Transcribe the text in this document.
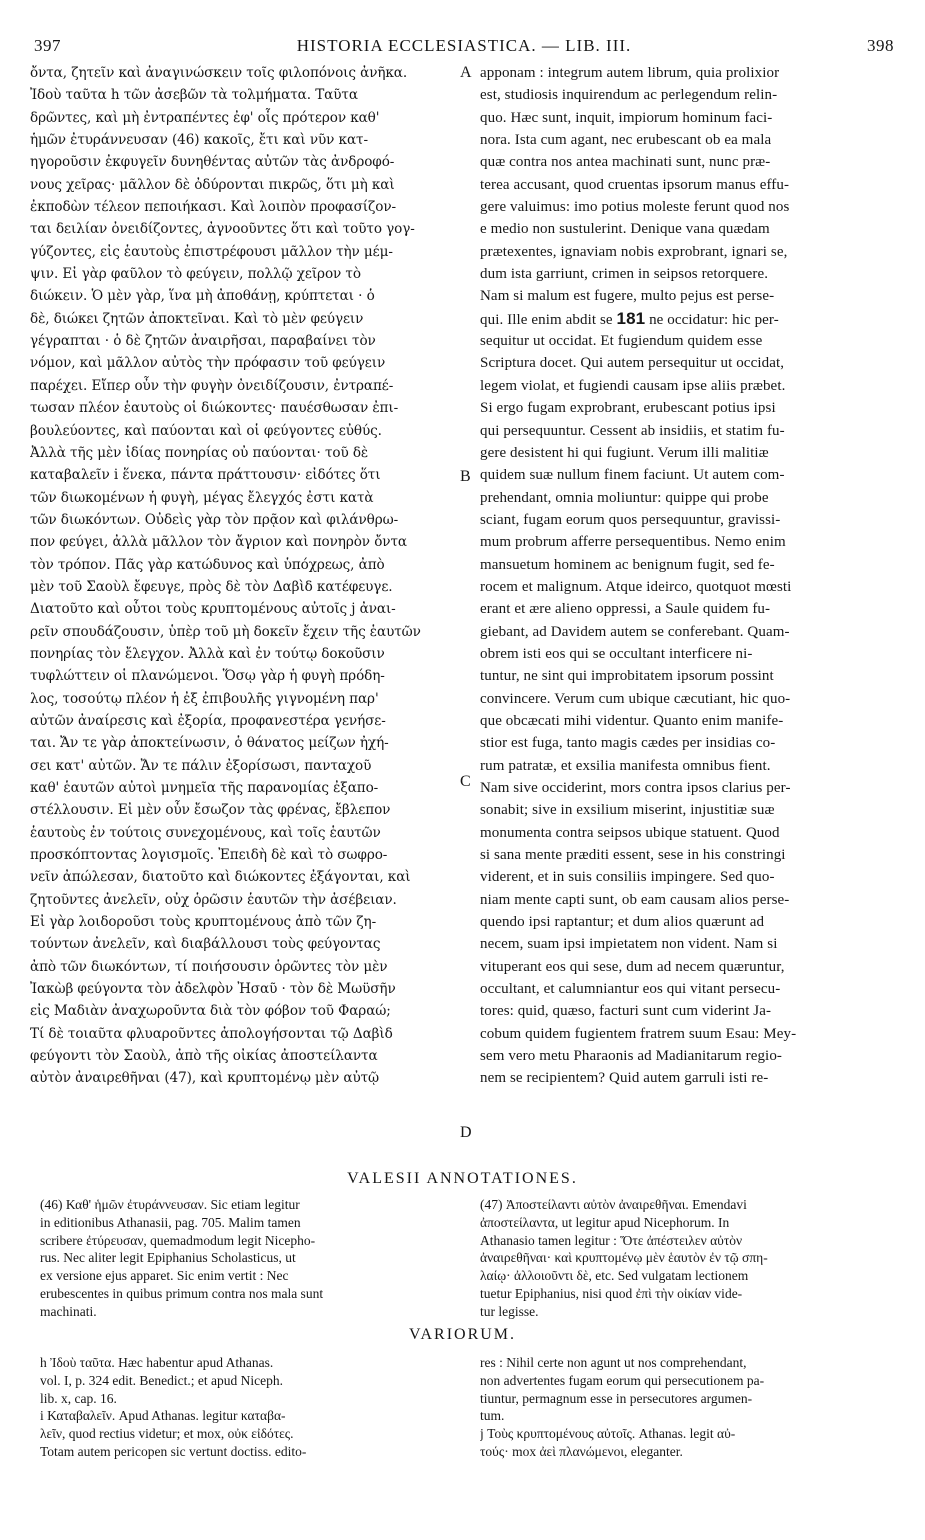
397	HISTORIA ECCLESIASTICA. — LIB. III.	398
A
B
C
D
ὄντα, ζητεῖν καὶ ἀναγινώσκειν τοῖς φιλοπόνοις ἀνῆκα.
Ἰδοὺ ταῦτα h τῶν ἀσεβῶν τὰ τολμήματα. Ταῦτα
δρῶντες, καὶ μὴ ἐντραπέντες ἐφ' οἷς πρότερον καθ'
ἡμῶν ἐτυράννευσαν (46) κακοῖς, ἔτι καὶ νῦν κατ-
ηγοροῦσιν ἐκφυγεῖν δυνηθέντας αὐτῶν τὰς ἀνδροφό-
νους χεῖρας· μᾶλλον δὲ ὀδύρονται πικρῶς, ὅτι μὴ καὶ
ἐκποδὼν τέλεον πεποιήκασι. Καὶ λοιπὸν προφασίζον-
ται δειλίαν ὀνειδίζοντες, ἀγνοοῦντες ὅτι καὶ τοῦτο γογ-
γύζοντες, εἰς ἑαυτοὺς ἐπιστρέφουσι μᾶλλον τὴν μέμ-
ψιν. Εἰ γὰρ φαῦλον τὸ φεύγειν, πολλῷ χεῖρον τὸ
διώκειν. Ὁ μὲν γὰρ, ἵνα μὴ ἀποθάνῃ, κρύπτεται · ὁ
δὲ, διώκει ζητῶν ἀποκτεῖναι. Καὶ τὸ μὲν φεύγειν
γέγραπται · ὁ δὲ ζητῶν ἀναιρῆσαι, παραβαίνει τὸν
νόμον, καὶ μᾶλλον αὐτὸς τὴν πρόφασιν τοῦ φεύγειν
παρέχει. Εἴπερ οὖν τὴν φυγὴν ὀνειδίζουσιν, ἐντραπέ-
τωσαν πλέον ἑαυτοὺς οἱ διώκοντες· παυέσθωσαν ἐπι-
βουλεύοντες, καὶ παύονται καὶ οἱ φεύγοντες εὐθύς.
Ἀλλὰ τῆς μὲν ἰδίας πονηρίας οὐ παύονται· τοῦ δὲ
καταβαλεῖν i ἕνεκα, πάντα πράττουσιν· εἰδότες ὅτι
τῶν διωκομένων ἡ φυγὴ, μέγας ἔλεγχός ἐστι κατὰ
τῶν διωκόντων. Οὐδεὶς γὰρ τὸν πρᾷον καὶ φιλάνθρω-
πον φεύγει, ἀλλὰ μᾶλλον τὸν ἄγριον καὶ πονηρὸν ὄντα
τὸν τρόπον. Πᾶς γὰρ κατώδυνος καὶ ὑπόχρεως, ἀπὸ
μὲν τοῦ Σαοὺλ ἔφευγε, πρὸς δὲ τὸν Δαβὶδ κατέφευγε.
Διατοῦτο καὶ οὗτοι τοὺς κρυπτομένους αὐτοῖς j ἀναι-
ρεῖν σπουδάζουσιν, ὑπὲρ τοῦ μὴ δοκεῖν ἔχειν τῆς ἑαυτῶν
πονηρίας τὸν ἔλεγχον. Ἀλλὰ καὶ ἐν τούτῳ δοκοῦσιν
τυφλώττειν οἱ πλανώμενοι. Ὅσῳ γὰρ ἡ φυγὴ πρόδη-
λος, τοσούτῳ πλέον ἡ ἐξ ἐπιβουλῆς γιγνομένη παρ'
αὐτῶν ἀναίρεσις καὶ ἐξορία, προφανεστέρα γενήσε-
ται. Ἄν τε γὰρ ἀποκτείνωσιν, ὁ θάνατος μείζων ἠχή-
σει κατ' αὐτῶν. Ἄν τε πάλιν ἐξορίσωσι, πανταχοῦ
καθ' ἑαυτῶν αὐτοὶ μνημεῖα τῆς παρανομίας ἐξαπο-
στέλλουσιν. Εἰ μὲν οὖν ἔσωζον τὰς φρένας, ἔβλεπον
ἑαυτοὺς ἐν τούτοις συνεχομένους, καὶ τοῖς ἑαυτῶν
προσκόπτοντας λογισμοῖς. Ἐπειδὴ δὲ καὶ τὸ σωφρο-
νεῖν ἀπώλεσαν, διατοῦτο καὶ διώκοντες ἐξάγονται, καὶ
ζητοῦντες ἀνελεῖν, οὐχ ὁρῶσιν ἑαυτῶν τὴν ἀσέβειαν.
Εἰ γὰρ λοιδοροῦσι τοὺς κρυπτομένους ἀπὸ τῶν ζη-
τούντων ἀνελεῖν, καὶ διαβάλλουσι τοὺς φεύγοντας
ἀπὸ τῶν διωκόντων, τί ποιήσουσιν ὁρῶντες τὸν μὲν
Ἰακὼβ φεύγοντα τὸν ἀδελφὸν Ἠσαῦ · τὸν δὲ Μωϋσῆν
εἰς Μαδιὰν ἀναχωροῦντα διὰ τὸν φόβον τοῦ Φαραώ;
Τί δὲ τοιαῦτα φλυαροῦντες ἀπολογήσονται τῷ Δαβὶδ
φεύγοντι τὸν Σαοὺλ, ἀπὸ τῆς οἰκίας ἀποστείλαντα
αὐτὸν ἀναιρεθῆναι (47), καὶ κρυπτομένῳ μὲν αὐτῷ
apponam : integrum autem librum, quia prolixior
est, studiosis inquirendum ac perlegendum relin-
quo. Hæc sunt, inquit, impiorum hominum faci-
nora. Ista cum agant, nec erubescant ob ea mala
quæ contra nos antea machinati sunt, nunc præ-
terea accusant, quod cruentas ipsorum manus effu-
gere valuimus: imo potius moleste ferunt quod nos
e medio non sustulerint. Denique vana quædam
prætexentes, ignaviam nobis exprobrant, ignari se,
dum ista garriunt, crimen in seipsos retorquere.
Nam si malum est fugere, multo pejus est perse-
qui. Ille enim abdit se 181 ne occidatur: hic per-
sequitur ut occidat. Et fugiendum quidem esse
Scriptura docet. Qui autem persequitur ut occidat,
legem violat, et fugiendi causam ipse aliis præbet.
Si ergo fugam exprobrant, erubescant potius ipsi
qui persequuntur. Cessent ab insidiis, et statim fu-
gere desistent hi qui fugiunt. Verum illi malitiæ
quidem suæ nullum finem faciunt. Ut autem com-
prehendant, omnia moliuntur: quippe qui probe
sciant, fugam eorum quos persequuntur, gravissi-
mum probrum afferre persequentibus. Nemo enim
mansuetum hominem ac benignum fugit, sed fe-
rocem et malignum. Atque ideirco, quotquot mœsti
erant et ære alieno oppressi, a Saule quidem fu-
giebant, ad Davidem autem se conferebant. Quam-
obrem isti eos qui se occultant interficere ni-
tuntur, ne sint qui improbitatem ipsorum possint
convincere. Verum cum ubique cæcutiant, hic quo-
que obcæcati mihi videntur. Quanto enim manife-
stior est fuga, tanto magis cædes per insidias co-
rum patratæ, et exsilia manifesta omnibus fient.
Nam sive occiderint, mors contra ipsos clarius per-
sonabit; sive in exsilium miserint, injustitiæ suæ
monumenta contra seipsos ubique statuent. Quod
si sana mente præditi essent, sese in his constringi
viderent, et in suis consiliis impingere. Sed quo-
niam mente capti sunt, ob eam causam alios perse-
quendo ipsi raptantur; et dum alios quærunt ad
necem, suam ipsi impietatem non vident. Nam si
vituperant eos qui sese, dum ad necem quæruntur,
occultant, et calumniantur eos qui vitant persecu-
tores: quid, quæso, facturi sunt cum viderint Ja-
cobum quidem fugientem fratrem suum Esau: Mey-
sem vero metu Pharaonis ad Madianitarum regio-
nem se recipientem? Quid autem garruli isti re-
VALESII ANNOTATIONES.
(46) Καθ' ἡμῶν ἐτυράννευσαν. Sic etiam legitur
in editionibus Athanasii, pag. 705. Malim tamen
scribere ἐτύρευσαν, quemadmodum legit Nicepho-
rus. Nec aliter legit Epiphanius Scholasticus, ut
ex versione ejus apparet. Sic enim vertit : Nec
erubescentes in quibus primum contra nos mala sunt
machinati.
(47) Ἀποστείλαντι αὐτὸν ἀναιρεθῆναι. Emendavi
ἀποστείλαντα, ut legitur apud Nicephorum. In
Athanasio tamen legitur : Ὅτε ἀπέστειλεν αὐτὸν
ἀναιρεθῆναι· καὶ κρυπτομένῳ μὲν ἑαυτὸν ἐν τῷ σπη-
λαίῳ· ἀλλοιοῦντι δὲ, etc. Sed vulgatam lectionem
tuetur Epiphanius, nisi quod ἐπὶ τὴν οἰκίαν vide-
tur legisse.
VARIORUM.
h Ἰδοὺ ταῦτα. Hæc habentur apud Athanas.
vol. I, p. 324 edit. Benedict.; et apud Niceph.
lib. x, cap. 16.
i Καταβαλεῖν. Apud Athanas. legitur καταβα-
λεῖν, quod rectius videtur; et mox, οὐκ εἰδότες.
Totam autem pericopen sic vertunt doctiss. edito-
res : Nihil certe non agunt ut nos comprehendant,
non advertentes fugam eorum qui persecutionem pa-
tiuntur, permagnum esse in persecutores argumen-
tum.
j Τοὺς κρυπτομένους αὐτοῖς. Athanas. legit αὐ-
τούς· mox ἀεὶ πλανώμενοι, eleganter.
